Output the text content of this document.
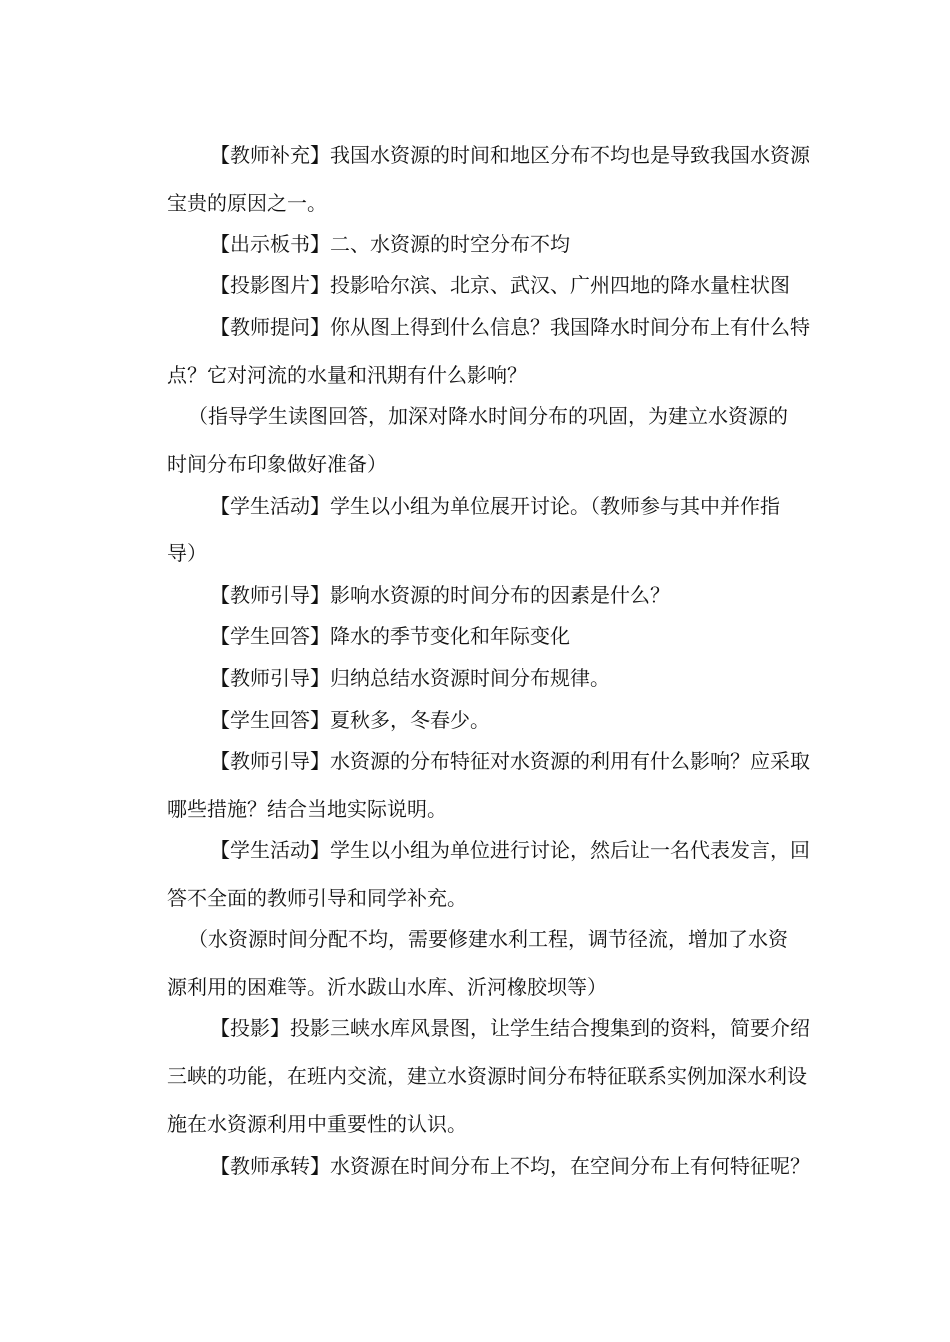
【教师补充】我国水资源的时间和地区分布不均也是导致我国水资源
宝贵的原因之一。
【出示板书】二、水资源的时空分布不均
【投影图片】投影哈尔滨、北京、武汉、广州四地的降水量柱状图
【教师提问】你从图上得到什么信息？我国降水时间分布上有什么特
点？它对河流的水量和汛期有什么影响？
（指导学生读图回答，加深对降水时间分布的巩固，为建立水资源的
时间分布印象做好准备）
【学生活动】学生以小组为单位展开讨论。（教师参与其中并作指
导）
【教师引导】影响水资源的时间分布的因素是什么？
【学生回答】降水的季节变化和年际变化
【教师引导】归纳总结水资源时间分布规律。
【学生回答】夏秋多，冬春少。
【教师引导】水资源的分布特征对水资源的利用有什么影响？应采取
哪些措施？结合当地实际说明。
【学生活动】学生以小组为单位进行讨论，然后让一名代表发言，回
答不全面的教师引导和同学补充。
（水资源时间分配不均，需要修建水利工程，调节径流，增加了水资
源利用的困难等。沂水跋山水库、沂河橡胶坝等）
【投影】投影三峡水库风景图，让学生结合搜集到的资料，简要介绍
三峡的功能，在班内交流，建立水资源时间分布特征联系实例加深水利设
施在水资源利用中重要性的认识。
【教师承转】水资源在时间分布上不均，在空间分布上有何特征呢？
